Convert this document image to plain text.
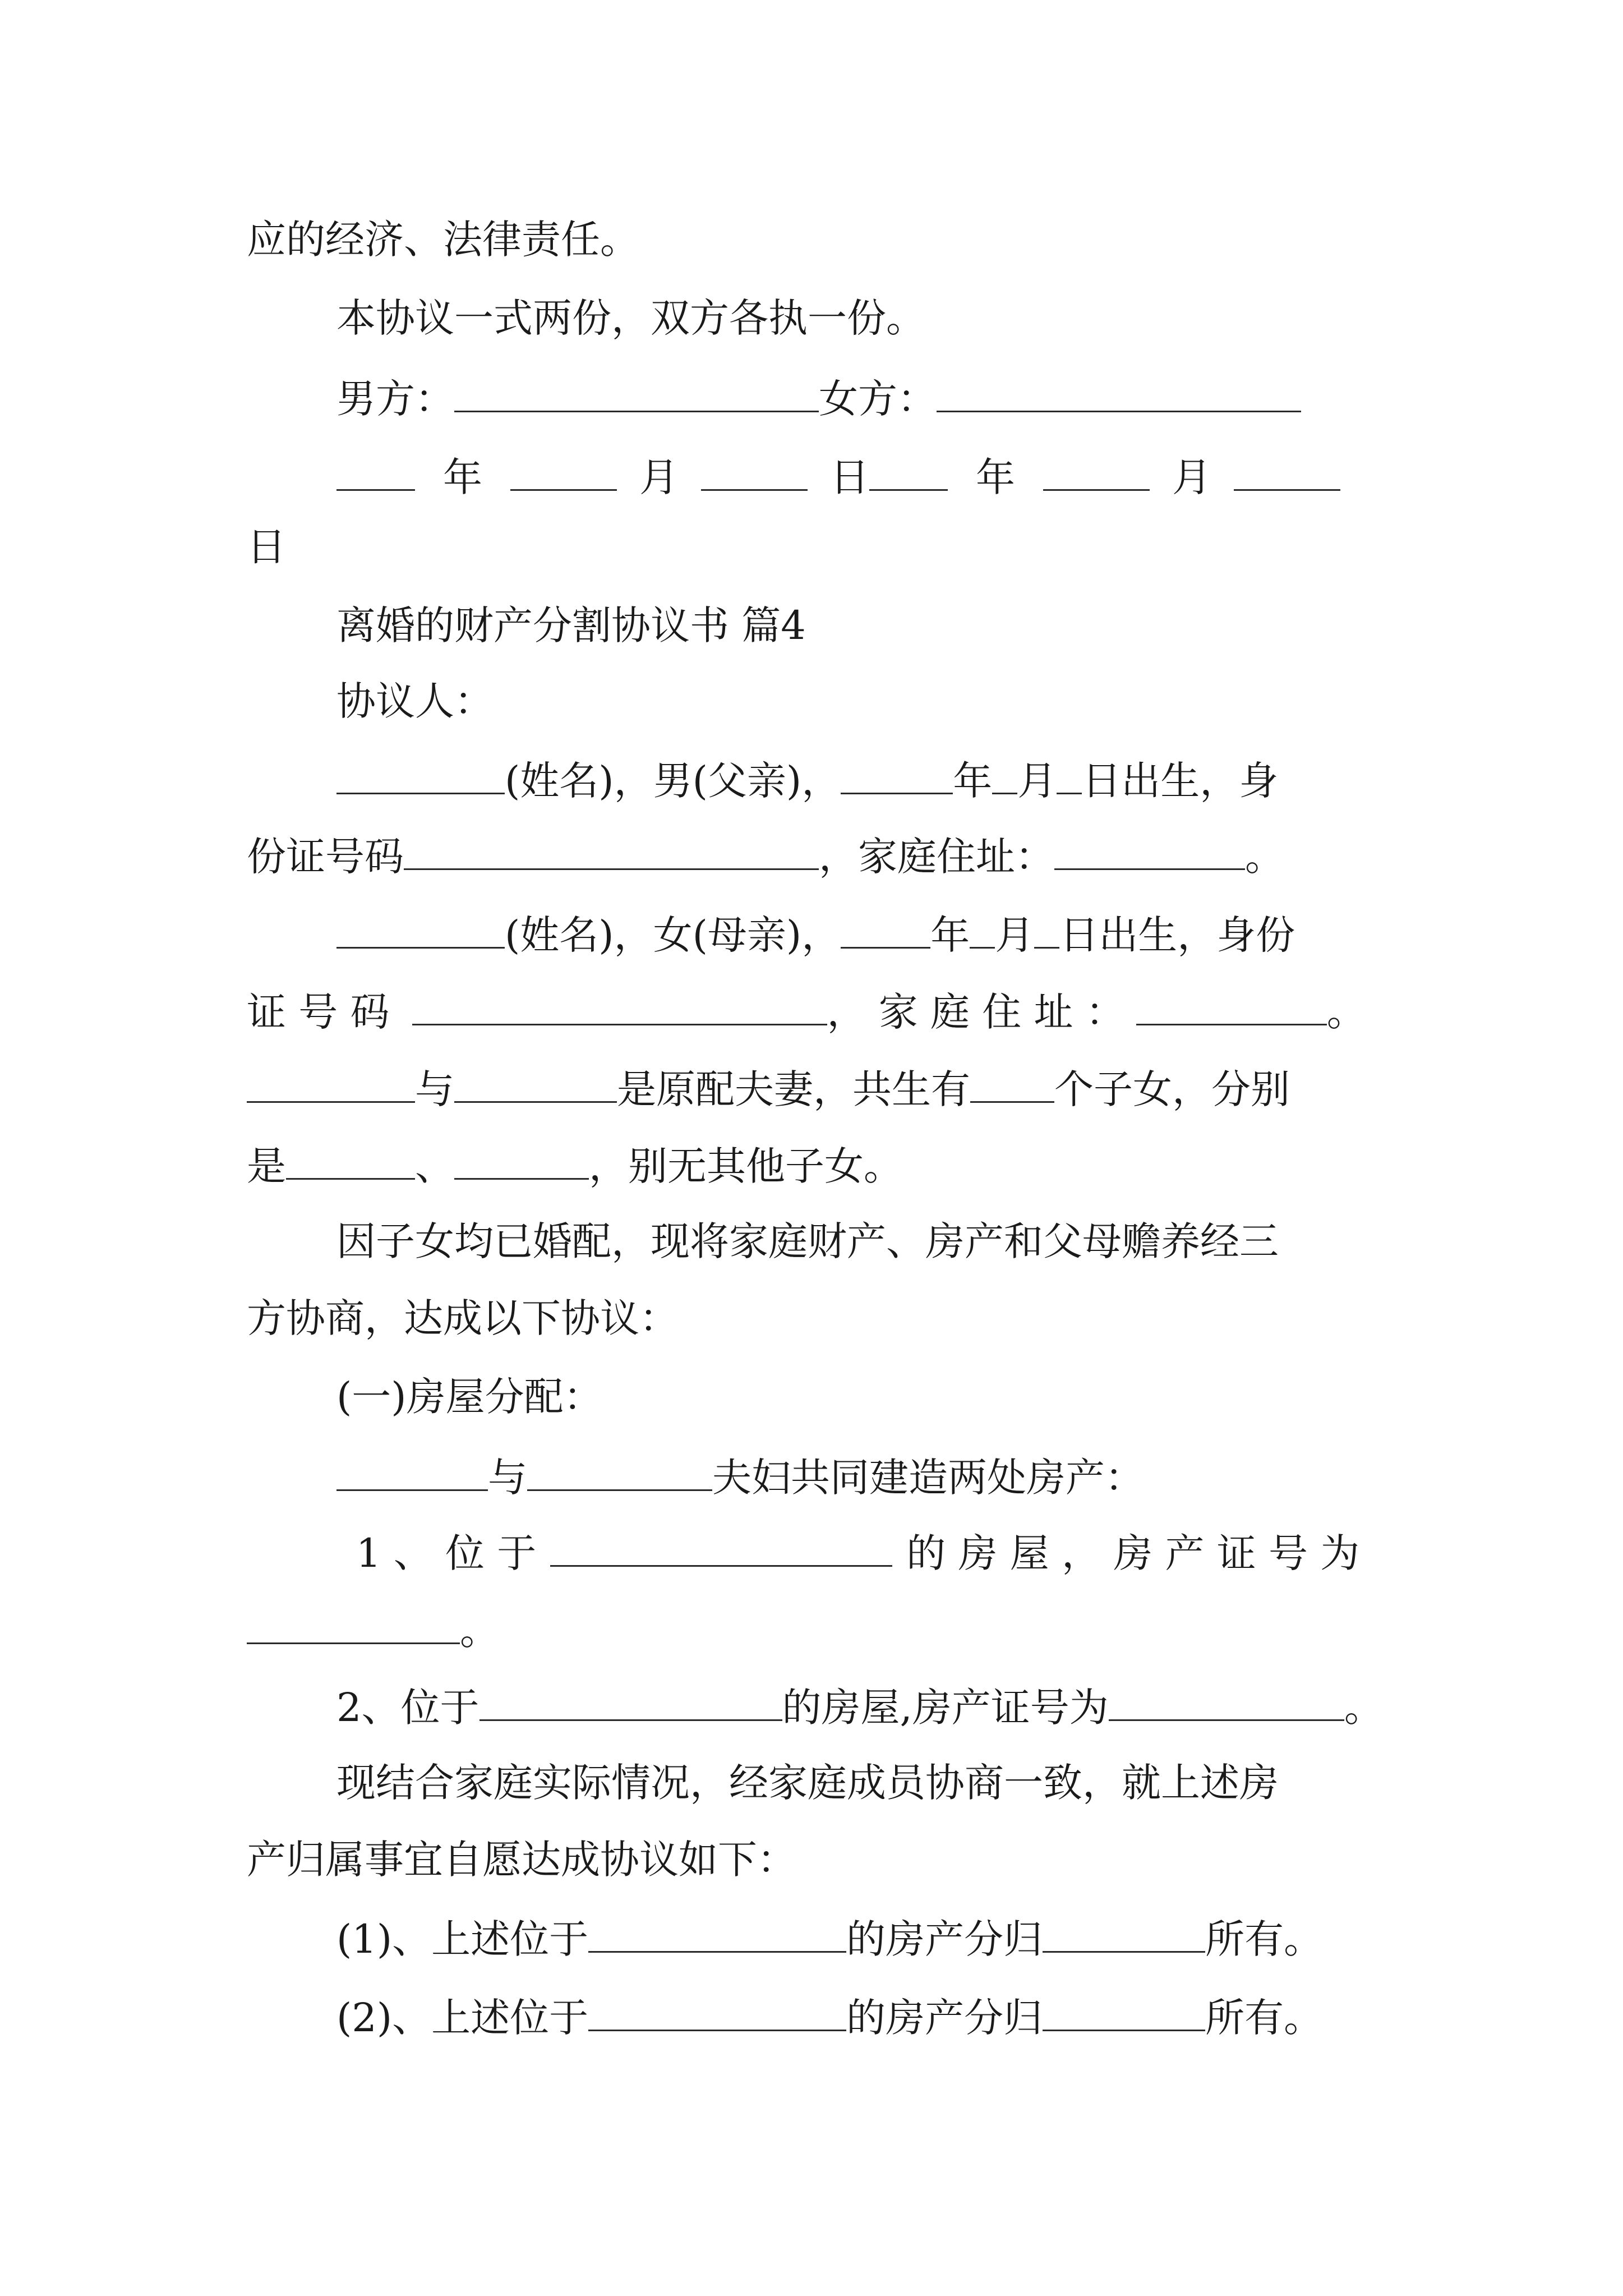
应的经济、法律责任。
本协议一式两份，双方各执一份。
男方：	女方：
年	月	日	年	月
日
离婚的财产分割协议书 篇4
协议人：
(姓名)，男(父亲)，	年 月 日出生，身
份证号码	，家庭住址：	。
(姓名)，女(母亲)， 年 月 日出生，身份
证 号 码	， 家 庭 住 址 ：	。
与	是原配夫妻，共生有 个子女，分别
是	、	，别无其他子女。
因子女均已婚配，现将家庭财产、房产和父母赡养经三
方协商，达成以下协议：
(一)房屋分配：
与	夫妇共同建造两处房产：
1 、 位 于	的 房 屋 ， 房 产 证 号 为
。
2、位于	的房屋,房产证号为	。
现结合家庭实际情况，经家庭成员协商一致，就上述房
产归属事宜自愿达成协议如下：
(1)、上述位于	的房产分归	所有。
(2)、上述位于	的房产分归	所有。
